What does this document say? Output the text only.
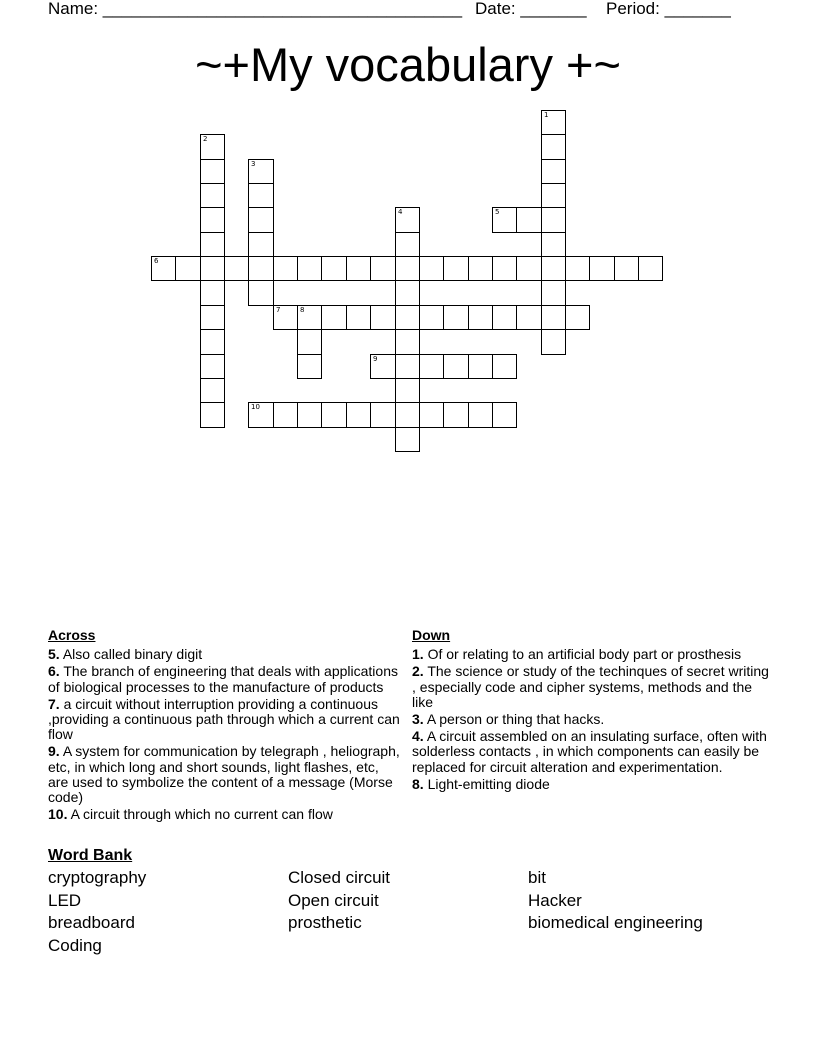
Name: ______________________________________ Date: _______ Period: _______
~+My vocabulary +~
1
2
3
4	5
6
7	8
9
10
Across
5. Also called binary digit
6. The branch of engineering that deals with applications of biological processes to the manufacture of products
7. a circuit without interruption providing a continuous ,providing a continuous path through which a current can flow
9. A system for communication by telegraph , heliograph, etc, in which long and short sounds, light flashes, etc, are used to symbolize the content of a message (Morse code)
10. A circuit through which no current can flow
Down
1. Of or relating to an artificial body part or prosthesis
2. The science or study of the techinques of secret writing , especially code and cipher systems, methods and the like
3. A person or thing that hacks.
4. A circuit assembled on an insulating surface, often with solderless contacts , in which components can easily be replaced for circuit alteration and experimentation.
8. Light-emitting diode
Word Bank
cryptography	Closed circuit	bit
LED	Open circuit	Hacker
breadboard	prosthetic	biomedical engineering
Coding
